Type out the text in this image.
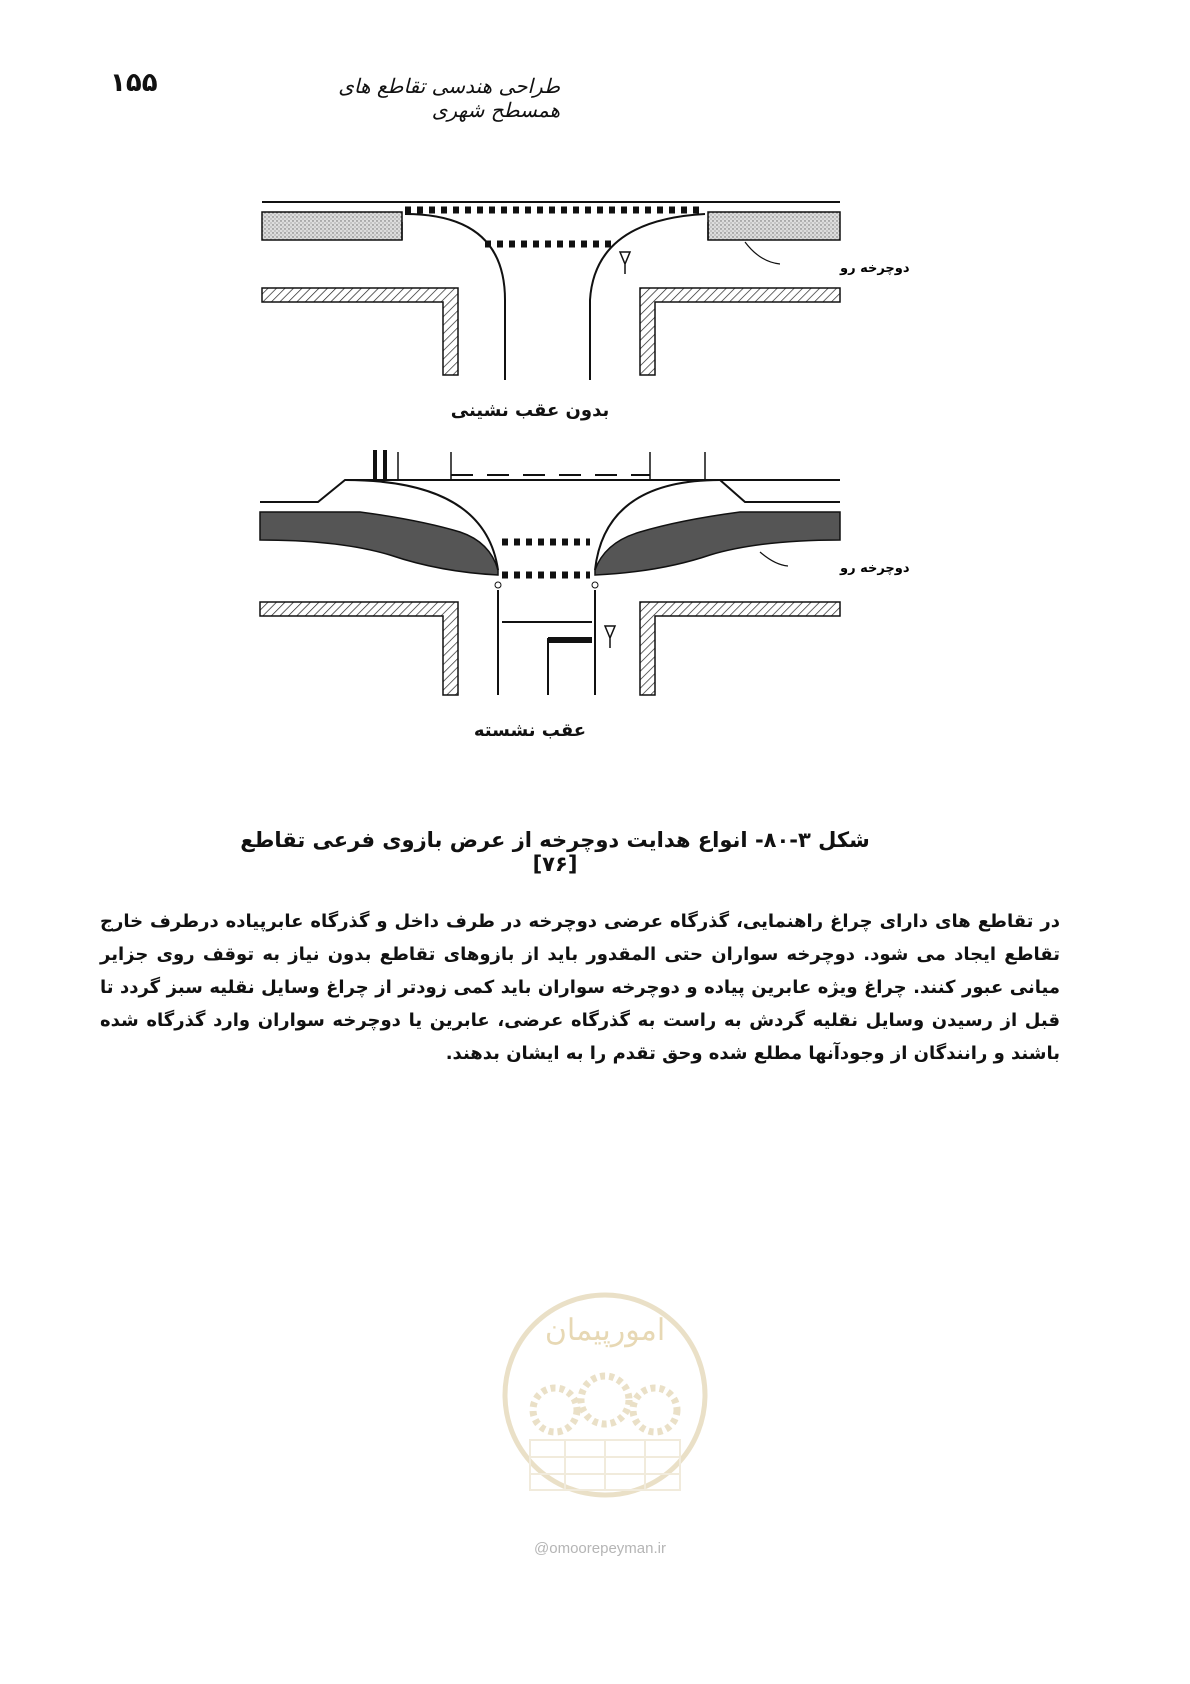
۱۵۵	طراحی هندسی تقاطع های همسطح شهری
دوچرخه رو
دوچرخه رو
بدون عقب نشینی
عقب نشسته
شکل ۳-۸۰- انواع هدایت دوچرخه از عرض بازوی فرعی تقاطع [۷۶]
در تقاطع های دارای چراغ راهنمایی، گذرگاه عرضی دوچرخه در طرف داخل و گذرگاه عابرپیاده درطرف خارج تقاطع ایجاد می شود. دوچرخه سواران حتی المقدور باید از بازوهای تقاطع بدون نیاز به توقف روی جزایر میانی عبور کنند. چراغ ویژه عابرین پیاده و دوچرخه سواران باید کمی زودتر از چراغ وسایل نقلیه سبز گردد تا قبل از رسیدن وسایل نقلیه گردش به راست به گذرگاه عرضی، عابرین یا دوچرخه سواران وارد گذرگاه شده باشند و رانندگان از وجودآنها مطلع شده وحق تقدم را به ایشان بدهند.
امورپیمان
@omoorepeyman.ir
